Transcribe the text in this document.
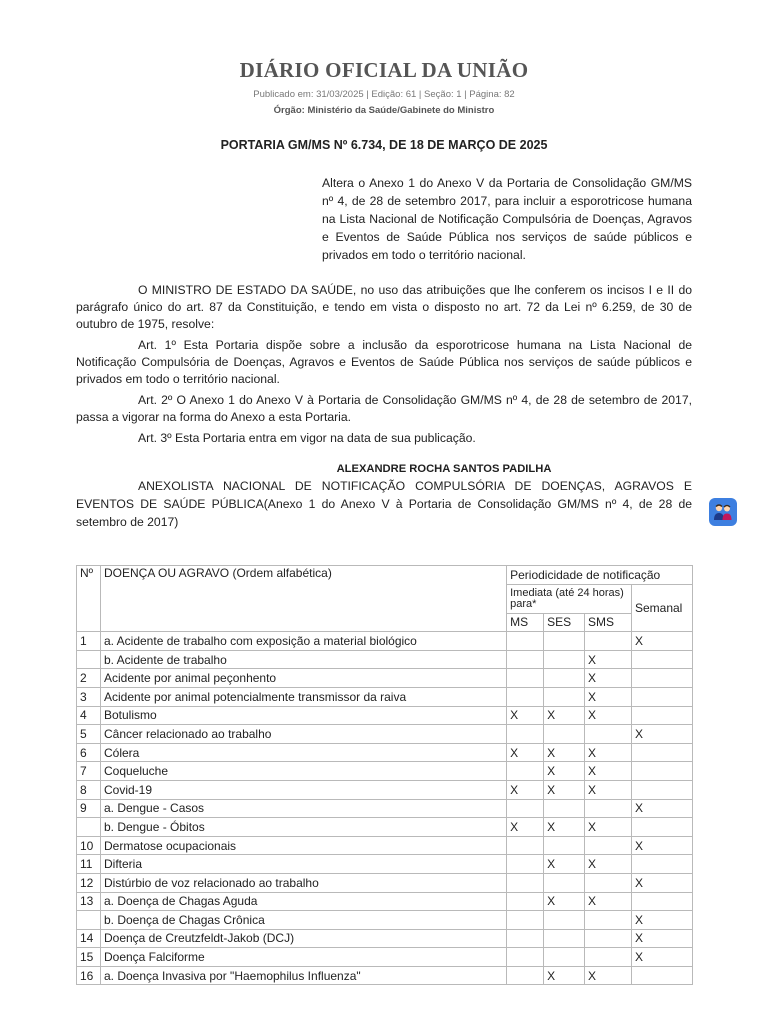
DIÁRIO OFICIAL DA UNIÃO
Publicado em: 31/03/2025 | Edição: 61 | Seção: 1 | Página: 82
Órgão: Ministério da Saúde/Gabinete do Ministro
PORTARIA GM/MS Nº 6.734, DE 18 DE MARÇO DE 2025
Altera o Anexo 1 do Anexo V da Portaria de Consolidação GM/MS nº 4, de 28 de setembro 2017, para incluir a esporotricose humana na Lista Nacional de Notificação Compulsória de Doenças, Agravos e Eventos de Saúde Pública nos serviços de saúde públicos e privados em todo o território nacional.

O MINISTRO DE ESTADO DA SAÚDE, no uso das atribuições que lhe conferem os incisos I e II do parágrafo único do art. 87 da Constituição, e tendo em vista o disposto no art. 72 da Lei nº 6.259, de 30 de outubro de 1975, resolve:

Art. 1º Esta Portaria dispõe sobre a inclusão da esporotricose humana na Lista Nacional de Notificação Compulsória de Doenças, Agravos e Eventos de Saúde Pública nos serviços de saúde públicos e privados em todo o território nacional.

Art. 2º O Anexo 1 do Anexo V à Portaria de Consolidação GM/MS nº 4, de 28 de setembro de 2017, passa a vigorar na forma do Anexo a esta Portaria.

Art. 3º Esta Portaria entra em vigor na data de sua publicação.

ALEXANDRE ROCHA SANTOS PADILHA
ANEXOLISTA NACIONAL DE NOTIFICAÇÃO COMPULSÓRIA DE DOENÇAS, AGRAVOS E EVENTOS DE SAÚDE PÚBLICA(Anexo 1 do Anexo V à Portaria de Consolidação GM/MS nº 4, de 28 de setembro de 2017)
Nº	DOENÇA OU AGRAVO (Ordem alfabética)	Periodicidade de notificação			
		Imediata (até 24 horas) para*			Semanal
		MS	SES	SMS	
1	a. Acidente de trabalho com exposição a material biológico				X
	b. Acidente de trabalho			X	
2	Acidente por animal peçonhento			X	
3	Acidente por animal potencialmente transmissor da raiva			X	
4	Botulismo	X	X	X	
5	Câncer relacionado ao trabalho				X
6	Cólera	X	X	X	
7	Coqueluche		X	X	
8	Covid-19	X	X	X	
9	a. Dengue - Casos				X
	b. Dengue - Óbitos	X	X	X	
10	Dermatose ocupacionais				X
11	Difteria		X	X	
12	Distúrbio de voz relacionado ao trabalho				X
13	a. Doença de Chagas Aguda		X	X	
	b. Doença de Chagas Crônica				X
14	Doença de Creutzfeldt-Jakob (DCJ)				X
15	Doença Falciforme				X
16	a. Doença Invasiva por "Haemophilus Influenza"		X	X	
